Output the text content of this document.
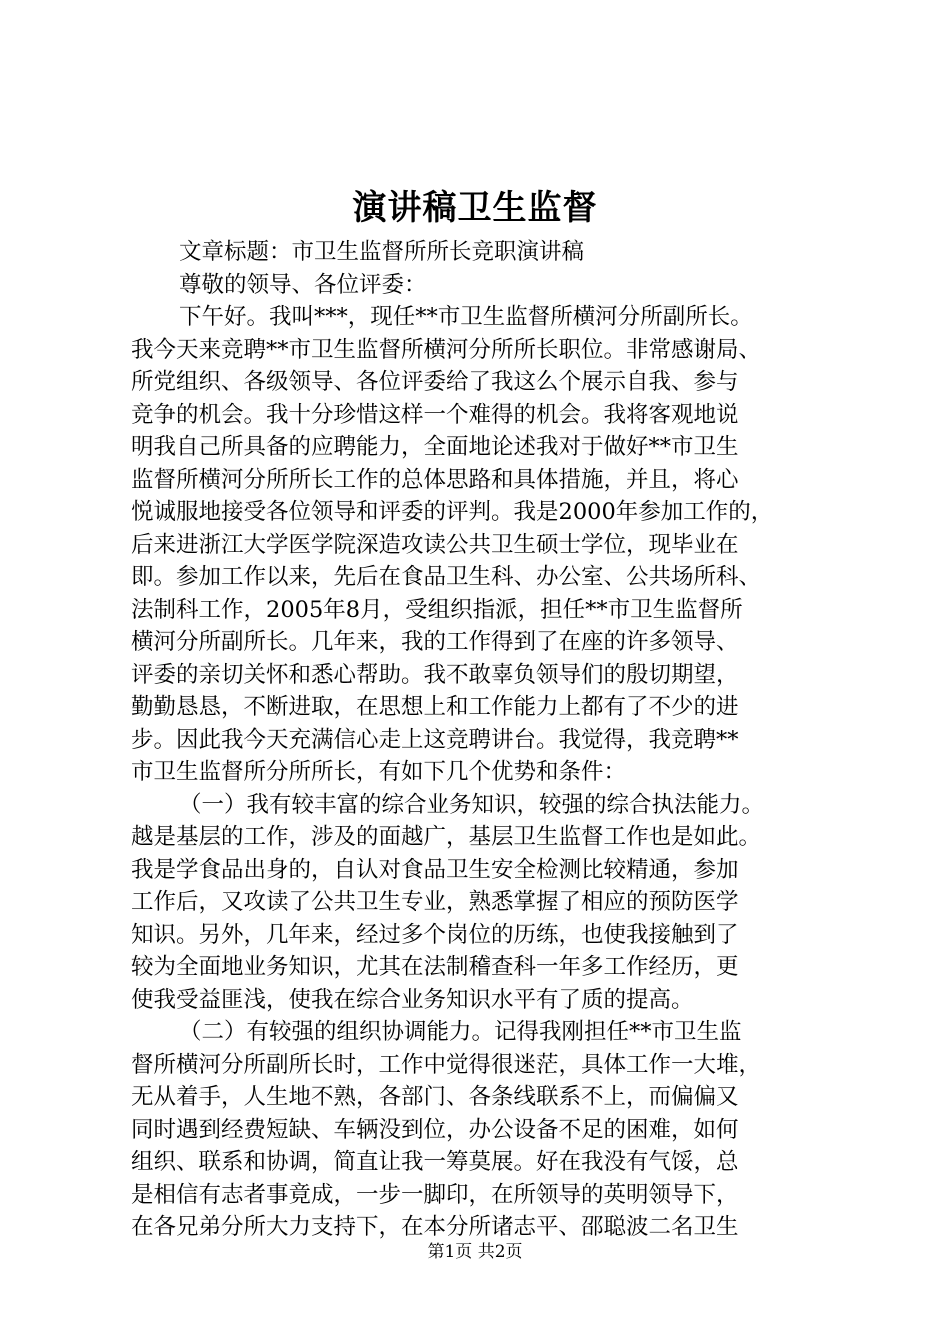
演讲稿卫生监督
文章标题：市卫生监督所所长竞职演讲稿
尊敬的领导、各位评委：
下午好。我叫***，现任**市卫生监督所横河分所副所长。
我今天来竞聘**市卫生监督所横河分所所长职位。非常感谢局、
所党组织、各级领导、各位评委给了我这么个展示自我、参与
竞争的机会。我十分珍惜这样一个难得的机会。我将客观地说
明我自己所具备的应聘能力，全面地论述我对于做好**市卫生
监督所横河分所所长工作的总体思路和具体措施，并且，将心
悦诚服地接受各位领导和评委的评判。我是2000年参加工作的，
后来进浙江大学医学院深造攻读公共卫生硕士学位，现毕业在
即。参加工作以来，先后在食品卫生科、办公室、公共场所科、
法制科工作，2005年8月，受组织指派，担任**市卫生监督所
横河分所副所长。几年来，我的工作得到了在座的许多领导、
评委的亲切关怀和悉心帮助。我不敢辜负领导们的殷切期望，
勤勤恳恳，不断进取，在思想上和工作能力上都有了不少的进
步。因此我今天充满信心走上这竞聘讲台。我觉得，我竞聘**
市卫生监督所分所所长，有如下几个优势和条件：
（一）我有较丰富的综合业务知识，较强的综合执法能力。
越是基层的工作，涉及的面越广，基层卫生监督工作也是如此。
我是学食品出身的，自认对食品卫生安全检测比较精通，参加
工作后，又攻读了公共卫生专业，熟悉掌握了相应的预防医学
知识。另外，几年来，经过多个岗位的历练，也使我接触到了
较为全面地业务知识，尤其在法制稽查科一年多工作经历，更
使我受益匪浅，使我在综合业务知识水平有了质的提高。
（二）有较强的组织协调能力。记得我刚担任**市卫生监
督所横河分所副所长时，工作中觉得很迷茫，具体工作一大堆，
无从着手，人生地不熟，各部门、各条线联系不上，而偏偏又
同时遇到经费短缺、车辆没到位，办公设备不足的困难，如何
组织、联系和协调，简直让我一筹莫展。好在我没有气馁，总
是相信有志者事竟成，一步一脚印，在所领导的英明领导下，
在各兄弟分所大力支持下，在本分所诸志平、邵聪波二名卫生
第1页 共2页
